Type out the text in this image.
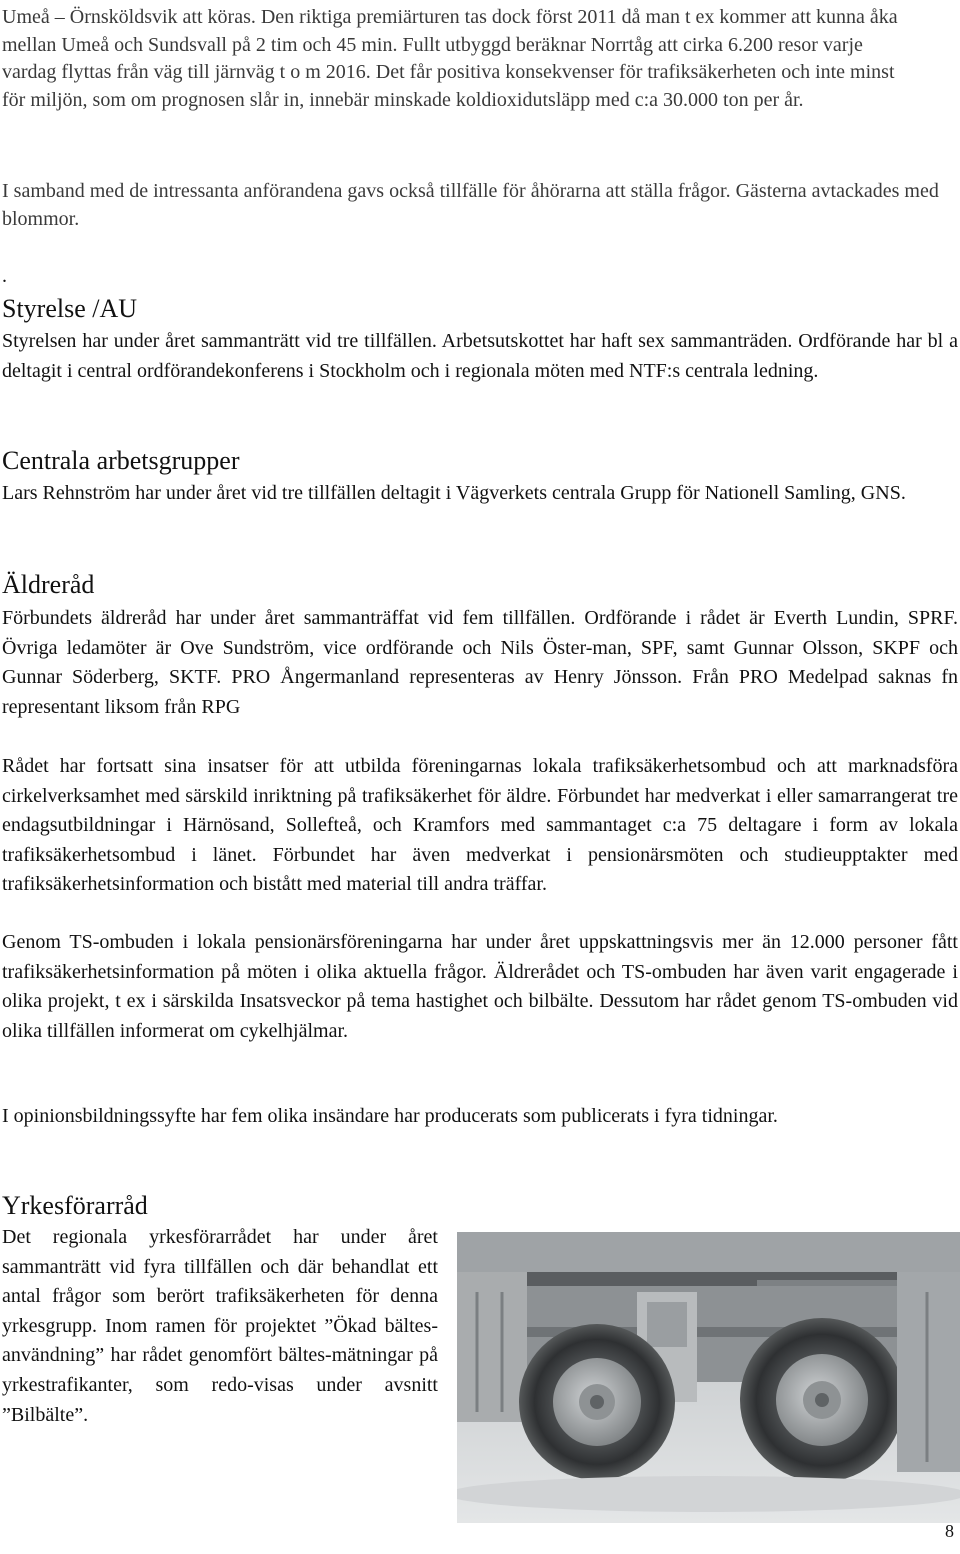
Umeå – Örnsköldsvik att köras. Den riktiga premiärturen tas dock först 2011 då man t ex kommer att kunna åka mellan Umeå och Sundsvall på 2 tim och 45 min. Fullt utbyggd beräknar Norrtåg att cirka 6.200 resor varje vardag flyttas från väg till järnväg t o m 2016. Det får positiva konsekvenser för trafiksäkerheten och inte minst för miljön, som om prognosen slår in, innebär minskade koldioxidutsläpp med c:a 30.000 ton per år.

I samband med de intressanta anförandena gavs också tillfälle för åhörarna att ställa frågor. Gästerna avtackades med blommor.

.

Styrelse /AU

Styrelsen har under året sammanträtt vid tre tillfällen. Arbetsutskottet har haft sex sammanträden. Ordförande har bl a deltagit i central ordförandekonferens i Stockholm och i regionala möten med NTF:s centrala ledning.

Centrala arbetsgrupper

Lars Rehnström har under året vid tre tillfällen deltagit i Vägverkets centrala Grupp för Nationell Samling, GNS.

Äldreråd

Förbundets äldreråd har under året sammanträffat vid fem tillfällen. Ordförande i rådet är Everth Lundin, SPRF. Övriga ledamöter är Ove Sundström, vice ordförande och Nils Öster-man, SPF, samt Gunnar Olsson, SKPF och Gunnar Söderberg, SKTF. PRO Ångermanland representeras av Henry Jönsson. Från PRO Medelpad saknas fn representant liksom från RPG

Rådet har fortsatt sina insatser för att utbilda föreningarnas lokala trafiksäkerhetsombud och att marknadsföra cirkelverksamhet med särskild inriktning på trafiksäkerhet för äldre. Förbundet har medverkat i eller samarrangerat tre endagsutbildningar i Härnösand, Sollefteå, och Kramfors med sammantaget c:a 75 deltagare i form av lokala trafiksäkerhetsombud i länet. Förbundet har även medverkat i pensionärsmöten och studieupptakter med trafiksäkerhetsinformation och bistått med material till andra träffar.

Genom TS-ombuden i lokala pensionärsföreningarna har under året uppskattningsvis mer än 12.000 personer fått trafiksäkerhetsinformation på möten i olika aktuella frågor. Äldrerådet och TS-ombuden har även varit engagerade i olika projekt, t ex i särskilda Insatsveckor på tema hastighet och bilbälte. Dessutom har rådet genom TS-ombuden vid olika tillfällen informerat om cykelhjälmar.

I opinionsbildningssyfte har fem olika insändare har producerats som publicerats i fyra tidningar.

Yrkesförarråd

Det regionala yrkesförarrådet har under året sammanträtt vid fyra tillfällen och där behandlat ett antal frågor som berört trafiksäkerheten för denna yrkesgrupp. Inom ramen för projektet ”Ökad bältes-användning” har rådet genomfört bältes-mätningar på yrkestrafikanter, som redo-visas under avsnitt ”Bilbälte”.

8
